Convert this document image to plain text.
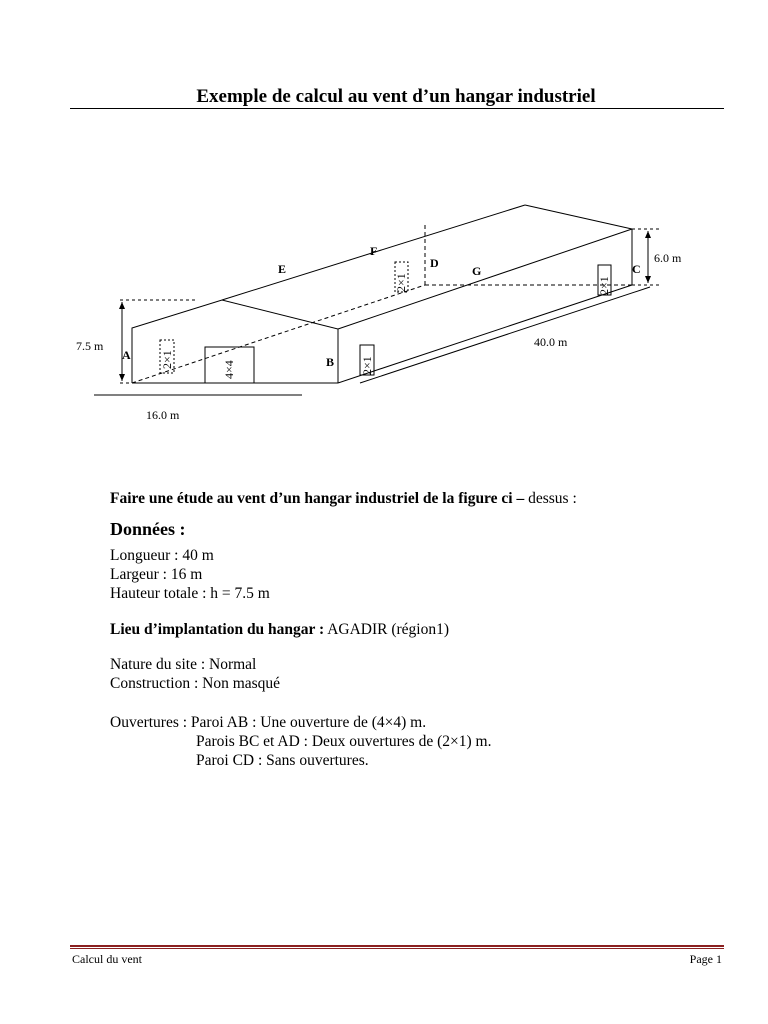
Exemple de calcul au vent d’un hangar industriel
A	B
C
D
E
F
G
7.5 m
6.0 m
40.0 m
16.0 m
4×4
2×1	2×1
2×1	2×1
Faire une étude au vent d’un hangar industriel de la figure ci – dessus :
Données :
Longueur : 40 m
Largeur : 16 m
Hauteur totale : h = 7.5 m
Lieu d’implantation du hangar : AGADIR (région1)
Nature du site : Normal
Construction : Non masqué
Ouvertures : Paroi AB : Une ouverture de (4×4) m.
Parois BC et AD : Deux ouvertures de (2×1) m.
Paroi CD : Sans ouvertures.
Calcul du vent	Page 1
